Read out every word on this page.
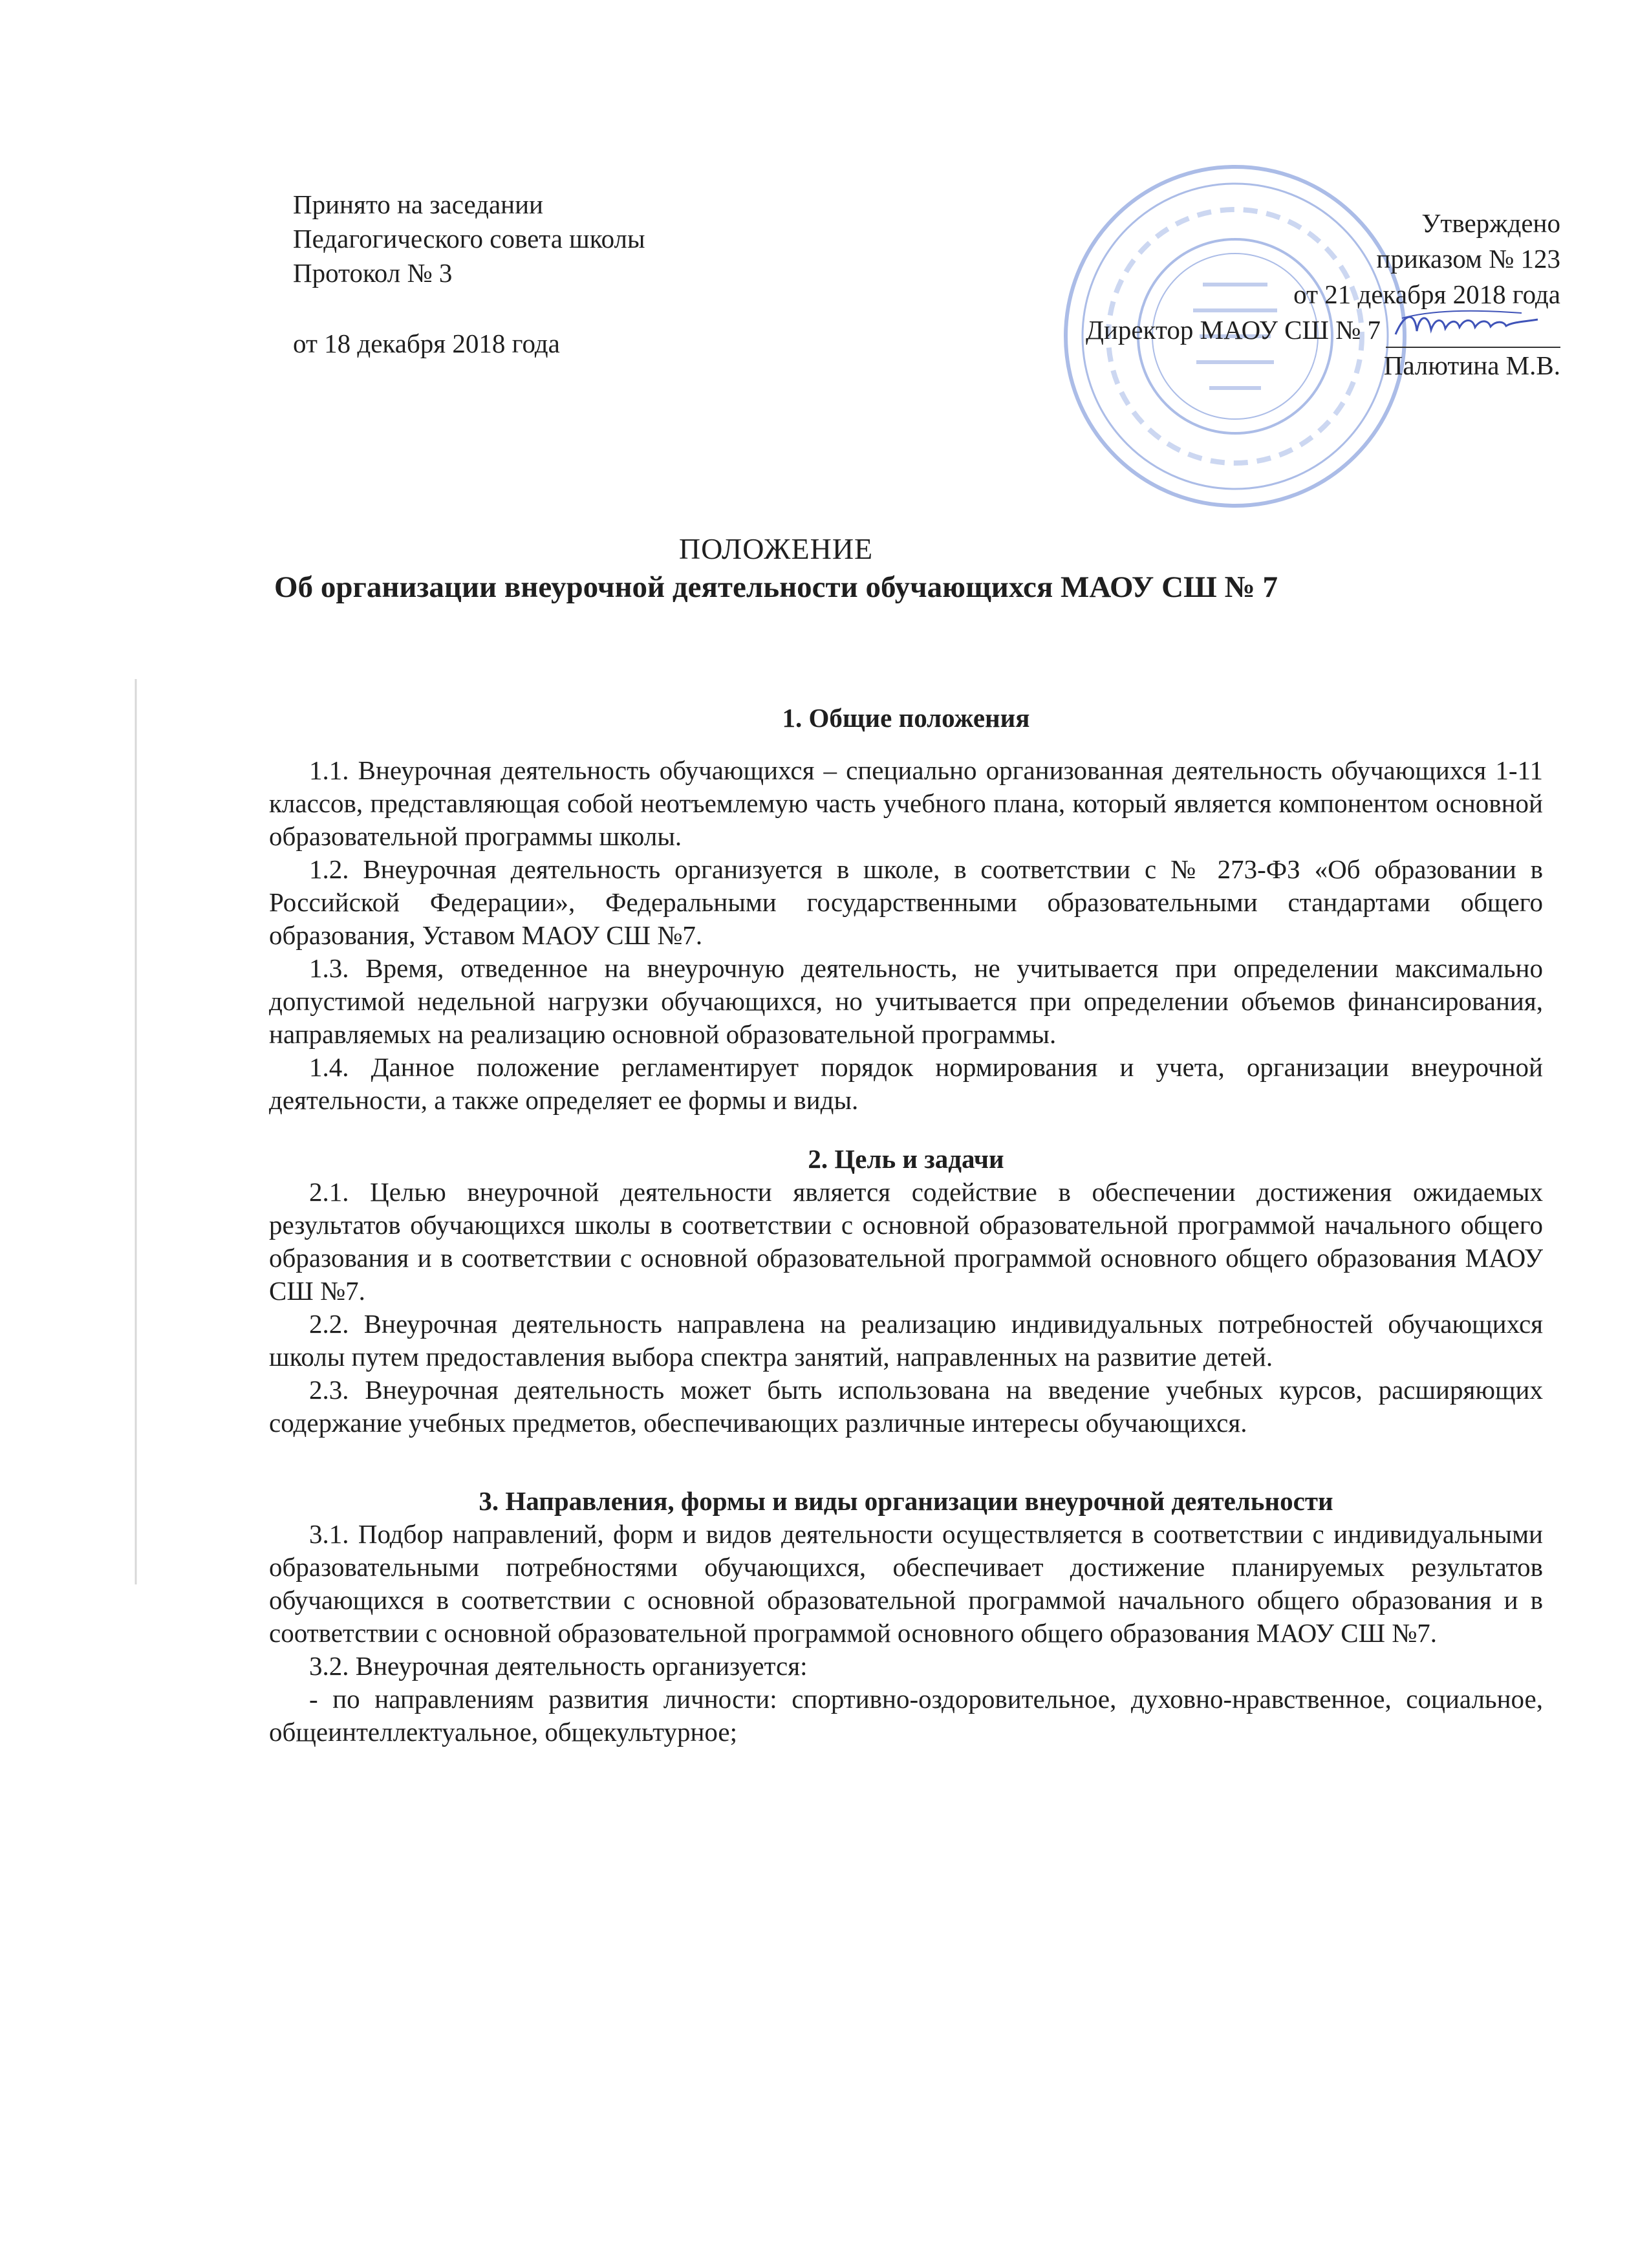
Принято на заседании
Педагогического совета школы
Протокол № 3
от 18 декабря 2018 года
Утверждено
приказом № 123
от 21 декабря 2018 года
Директор МАОУ СШ № 7
Палютина М.В.
ПОЛОЖЕНИЕ
Об организации внеурочной деятельности обучающихся МАОУ СШ № 7
1. Общие положения

1.1. Внеурочная деятельность обучающихся – специально организованная деятельность обучающихся 1-11 классов, представляющая собой неотъемлемую часть учебного плана, который является компонентом основной образовательной программы школы.

1.2. Внеурочная деятельность организуется в школе, в соответствии с № 273-ФЗ «Об образовании в Российской Федерации», Федеральными государственными образовательными стандартами общего образования, Уставом МАОУ СШ №7.

1.3. Время, отведенное на внеурочную деятельность, не учитывается при определении максимально допустимой недельной нагрузки обучающихся, но учитывается при определении объемов финансирования, направляемых на реализацию основной образовательной программы.

1.4. Данное положение регламентирует порядок нормирования и учета, организации внеурочной деятельности, а также определяет ее формы и виды.

2. Цель и задачи

2.1. Целью внеурочной деятельности является содействие в обеспечении достижения ожидаемых результатов обучающихся школы в соответствии с основной образовательной программой начального общего образования и в соответствии с основной образовательной программой основного общего образования МАОУ СШ №7.

2.2. Внеурочная деятельность направлена на реализацию индивидуальных потребностей обучающихся школы путем предоставления выбора спектра занятий, направленных на развитие детей.

2.3. Внеурочная деятельность может быть использована на введение учебных курсов, расширяющих содержание учебных предметов, обеспечивающих различные интересы обучающихся.

3. Направления, формы и виды организации внеурочной деятельности

3.1. Подбор направлений, форм и видов деятельности осуществляется в соответствии с индивидуальными образовательными потребностями обучающихся, обеспечивает достижение планируемых результатов обучающихся в соответствии с основной образовательной программой начального общего образования и в соответствии с основной образовательной программой основного общего образования МАОУ СШ №7.

3.2. Внеурочная деятельность организуется:

- по направлениям развития личности: спортивно-оздоровительное, духовно-нравственное, социальное, общеинтеллектуальное, общекультурное;
